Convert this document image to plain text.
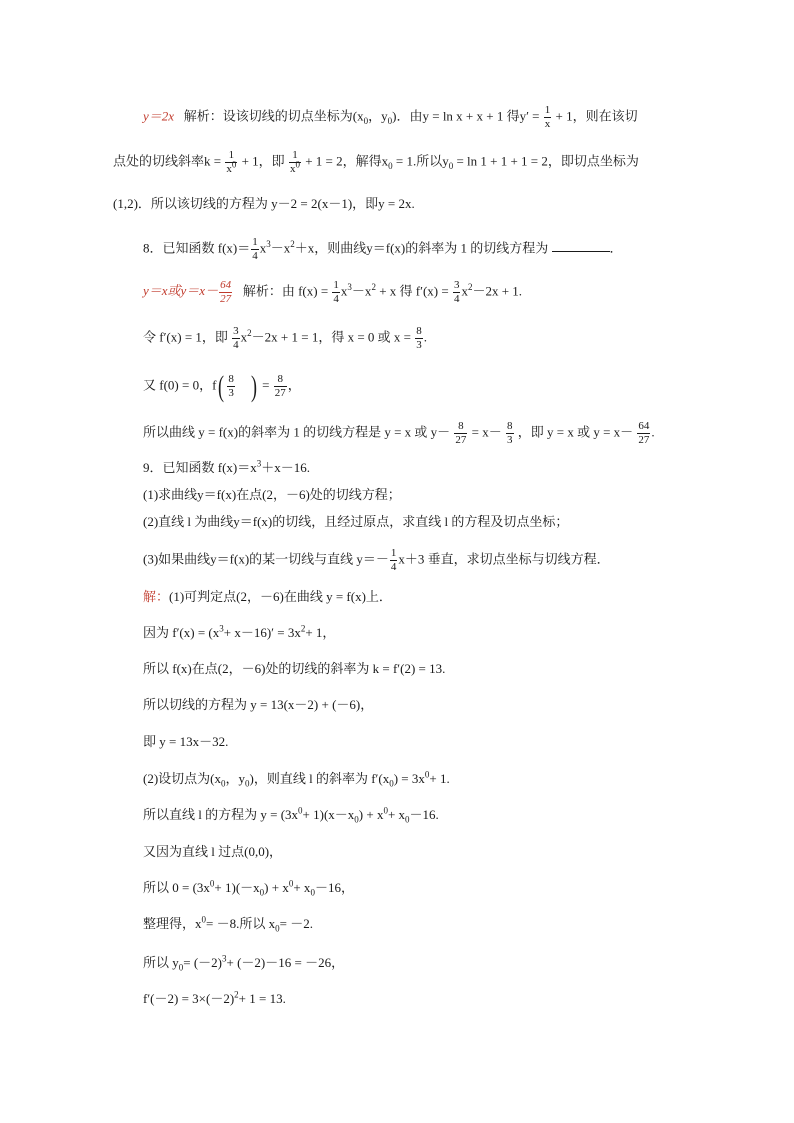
y＝2x 解析：设该切线的切点坐标为($x_0$，$y_0$)．由y = ln x + x + 1 得$y' = \frac{1}{x} + 1$，则在该切
点处的切线斜率$k = \frac{1}{x^0} + 1$，即 $\frac{1}{x^0} + 1 = 2$，解得$x_0 = 1$.所以$y_0 = \ln 1 + 1 + 1 = 2$，即切点坐标为
(1,2)．所以该切线的方程为 y－2 = 2(x－1)，即y = 2x.
8．已知函数 $f(x)= \frac{1}{4} x^3-x^2+x$，则曲线y＝f(x)的斜率为 1 的切线方程为	．
y＝x或$y=x- \frac{64}{27}$ 解析：由 $f(x) = \frac{1}{4} x^3-x^2 + x$ 得 $f'(x) = \frac{3}{4} x^2-2x + 1$.
令 f′(x) = 1，即 $\frac{3}{4} x^2-2x + 1 = 1$，得 x = 0 或 $x = \frac{8}{3}$ .
又 f(0) = 0，$f( \frac{8}{3}$ ) = $\frac{8}{27}$ ，
所以曲线 y = f(x)的斜率为 1 的切线方程是 y = x 或 $y- \frac{8}{27} = x- \frac{8}{3}$ ，即 y = x 或 $y = x- \frac{64}{27}$ .
9．已知函数 $f(x)=x^3+x-16$.
(1)求曲线y＝f(x)在点(2，－6)处的切线方程；
(2)直线 l 为曲线y＝f(x)的切线，且经过原点，求直线 l 的方程及切点坐标；
(3)如果曲线y＝f(x)的某一切线与直线 $y=- \frac{1}{4} x+3$ 垂直，求切点坐标与切线方程．
解：(1)可判定点(2，－6)在曲线 y = f(x)上．
因为 $f'(x) = (x^3+ x-16)' = 3x^2+ 1$，
所以 f(x)在点(2，－6)处的切线的斜率为 k = f′(2) = 13.
所以切线的方程为 y = 13(x－2) + (－6)，
即 y = 13x－32.
(2)设切点为($x_0$，$y_0$)，则直线 l 的斜率为 $f'(x_0) = 3x^0+ 1$.
所以直线 l 的方程为 $y = (3x^0+ 1)(x-x_0) + x^0+ x_0-16$.
又因为直线 l 过点(0,0)，
所以 $0 = (3x^0+ 1)(-x_0) + x^0+ x_0-16$，
整理得，$x^0= -8$.所以 $x_0= -2$.
所以 $y_0= (-2)^3+ (-2)-16 = -26$，
$f'(-2) = 3\times(-2)^2+ 1 = 13$.
